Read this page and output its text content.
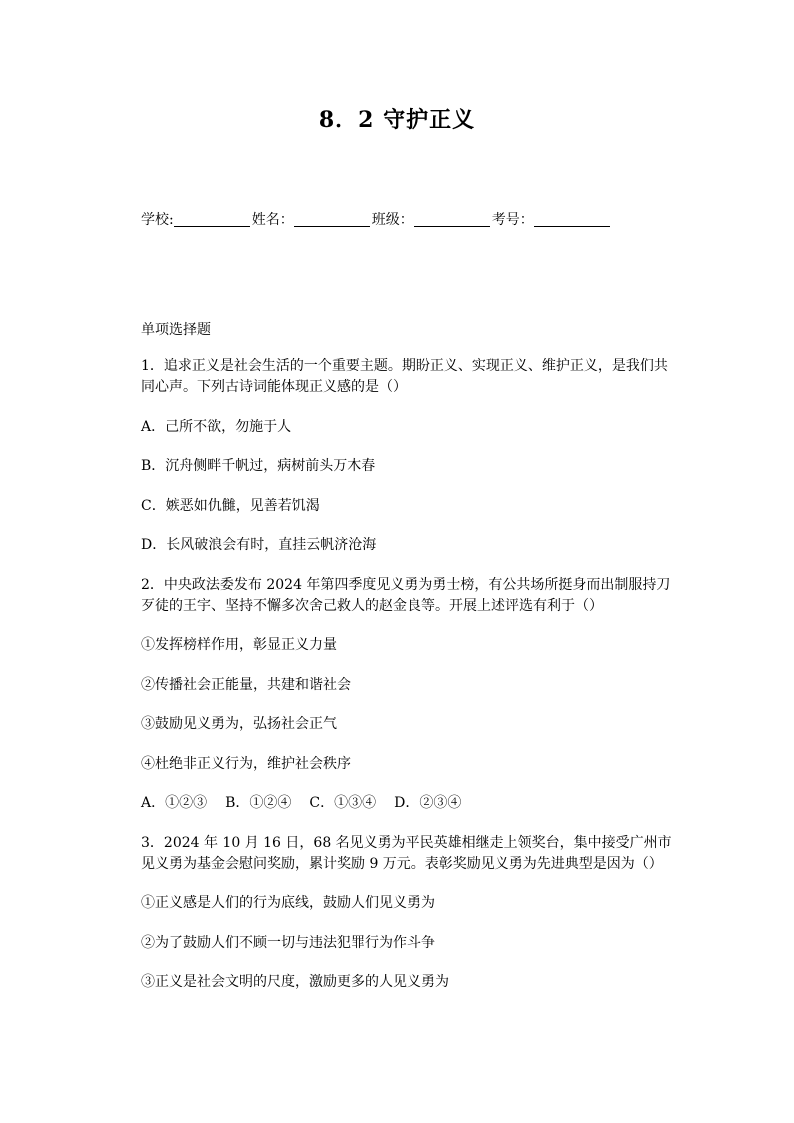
8．2 守护正义
学校:	姓名：	班级：	考号：
单项选择题

1．追求正义是社会生活的一个重要主题。期盼正义、实现正义、维护正义，是我们共同心声。下列古诗词能体现正义感的是（）

A．己所不欲，勿施于人

B．沉舟侧畔千帆过，病树前头万木春

C．嫉恶如仇雠，见善若饥渴

D．长风破浪会有时，直挂云帆济沧海

2．中央政法委发布 2024 年第四季度见义勇为勇士榜，有公共场所挺身而出制服持刀歹徒的王宇、坚持不懈多次舍己救人的赵金良等。开展上述评选有利于（）

①发挥榜样作用，彰显正义力量

②传播社会正能量，共建和谐社会

③鼓励见义勇为，弘扬社会正气

④杜绝非正义行为，维护社会秩序

A．①②③ B．①②④ C．①③④ D．②③④

3．2024 年 10 月 16 日，68 名见义勇为平民英雄相继走上领奖台，集中接受广州市见义勇为基金会慰问奖励，累计奖励 9 万元。表彰奖励见义勇为先进典型是因为（）

①正义感是人们的行为底线，鼓励人们见义勇为

②为了鼓励人们不顾一切与违法犯罪行为作斗争

③正义是社会文明的尺度，激励更多的人见义勇为
